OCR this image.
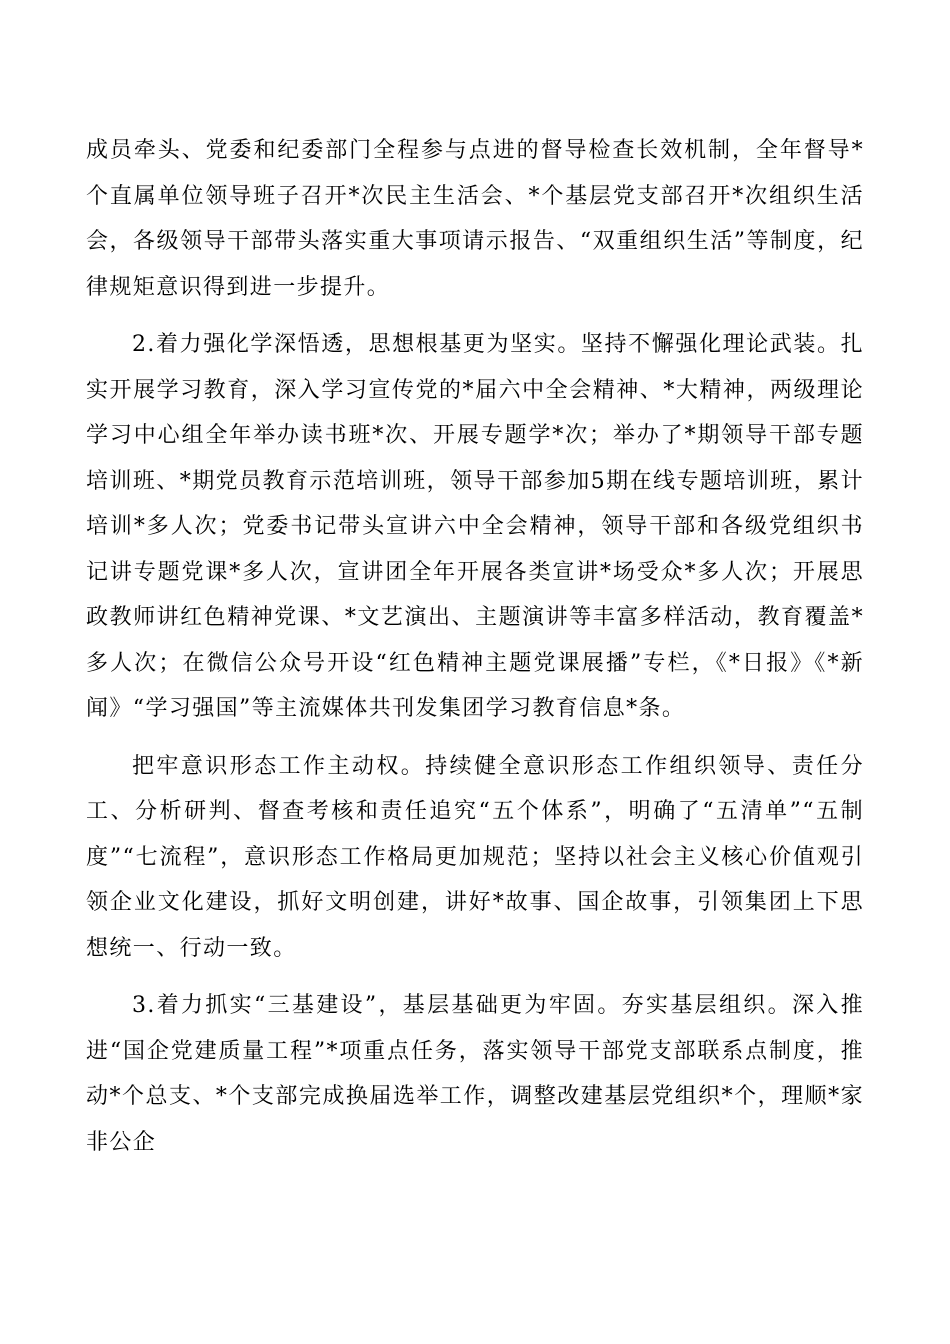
成员牵头、党委和纪委部门全程参与点进的督导检查长效机制，全年督导*个直属单位领导班子召开*次民主生活会、*个基层党支部召开*次组织生活会，各级领导干部带头落实重大事项请示报告、“双重组织生活”等制度，纪律规矩意识得到进一步提升。

2.着力强化学深悟透，思想根基更为坚实。坚持不懈强化理论武装。扎实开展学习教育，深入学习宣传党的*届六中全会精神、*大精神，两级理论学习中心组全年举办读书班*次、开展专题学*次；举办了*期领导干部专题培训班、*期党员教育示范培训班，领导干部参加5期在线专题培训班，累计培训*多人次；党委书记带头宣讲六中全会精神，领导干部和各级党组织书记讲专题党课*多人次，宣讲团全年开展各类宣讲*场受众*多人次；开展思政教师讲红色精神党课、*文艺演出、主题演讲等丰富多样活动，教育覆盖*多人次；在微信公众号开设“红色精神主题党课展播”专栏，《*日报》《*新闻》“学习强国”等主流媒体共刊发集团学习教育信息*条。

把牢意识形态工作主动权。持续健全意识形态工作组织领导、责任分工、分析研判、督查考核和责任追究“五个体系”，明确了“五清单”“五制度”“七流程”，意识形态工作格局更加规范；坚持以社会主义核心价值观引领企业文化建设，抓好文明创建，讲好*故事、国企故事，引领集团上下思想统一、行动一致。

3.着力抓实“三基建设”，基层基础更为牢固。夯实基层组织。深入推进“国企党建质量工程”*项重点任务，落实领导干部党支部联系点制度，推动*个总支、*个支部完成换届选举工作，调整改建基层党组织*个，理顺*家非公企
